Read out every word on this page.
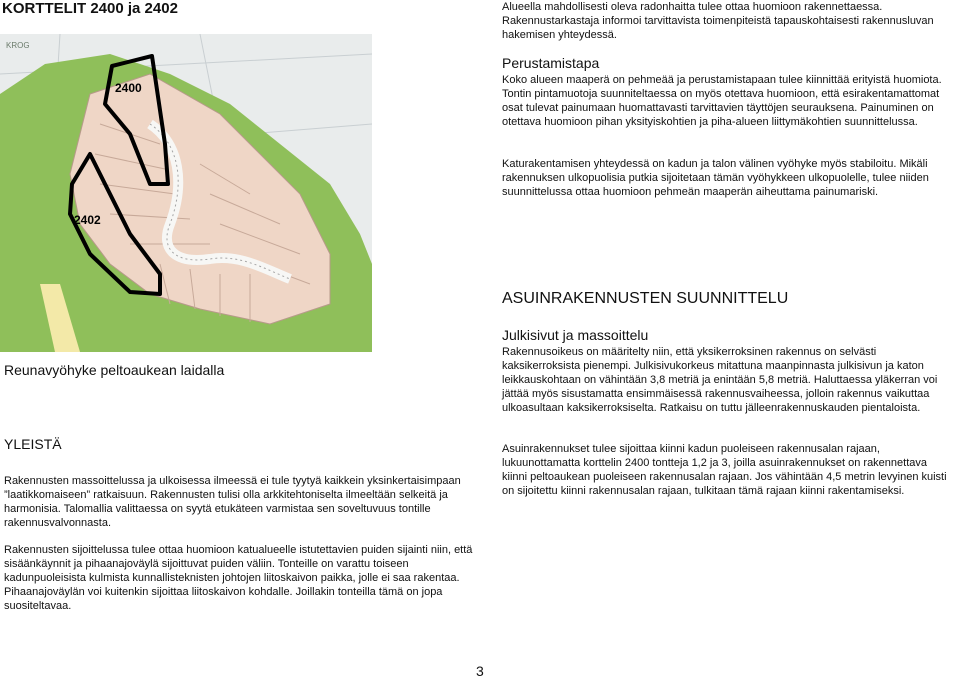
KORTTELIT 2400 ja 2402
2400
2402
KROG
Alueella mahdollisesti oleva radonhaitta tulee ottaa huomioon rakennettaessa. Rakennustarkastaja informoi tarvittavista toimenpiteistä tapauskohtaisesti rakennusluvan hakemisen yhteydessä.
Perustamistapa
Koko alueen maaperä on pehmeää ja perustamistapaan tulee kiinnittää erityistä huomiota. Tontin pintamuotoja suunniteltaessa on myös otettava huomioon, että esirakentamattomat osat tulevat painumaan huomattavasti tarvittavien täyttöjen seurauksena. Painuminen on otettava huomioon pihan yksityiskohtien ja piha-alueen liittymäkohtien suunnittelussa.
Katurakentamisen yhteydessä on kadun ja talon välinen vyöhyke myös stabiloitu. Mikäli rakennuksen ulkopuolisia putkia sijoitetaan tämän vyöhykkeen ulkopuolelle, tulee niiden suunnittelussa ottaa huomioon pehmeän maaperän aiheuttama painumariski.
ASUINRAKENNUSTEN SUUNNITTELU
Julkisivut ja massoittelu
Rakennusoikeus on määritelty niin, että yksikerroksinen rakennus on selvästi kaksikerroksista pienempi. Julkisivukorkeus mitattuna maanpinnasta julkisivun ja katon leikkauskohtaan on vähintään 3,8 metriä ja enintään 5,8 metriä. Haluttaessa yläkerran voi jättää myös sisustamatta ensimmäisessä rakennusvaiheessa, jolloin rakennus vaikuttaa ulkoasultaan kaksikerroksiselta. Ratkaisu on tuttu jälleenrakennuskauden pientaloista.
Asuinrakennukset tulee sijoittaa kiinni kadun puoleiseen rakennusalan rajaan, lukuunottamatta korttelin 2400 tontteja 1,2 ja 3, joilla asuinrakennukset on rakennettava kiinni peltoaukean puoleiseen rakennusalan rajaan. Jos vähintään 4,5 metrin levyinen kuisti on sijoitettu kiinni rakennusalan rajaan, tulkitaan tämä rajaan kiinni rakentamiseksi.
Reunavyöhyke peltoaukean laidalla
YLEISTÄ
Rakennusten massoittelussa ja ulkoisessa ilmeessä ei tule tyytyä kaikkein yksinkertaisimpaan ”laatikkomaiseen” ratkaisuun. Rakennusten tulisi olla arkkitehtoniselta ilmeeltään selkeitä ja harmonisia. Talomallia valittaessa on syytä etukäteen varmistaa sen soveltuvuus tontille rakennusvalvonnasta.
Rakennusten sijoittelussa tulee ottaa huomioon katualueelle istutettavien puiden sijainti niin, että sisäänkäynnit ja pihaanajoväylä sijoittuvat puiden väliin. Tonteille on varattu toiseen kadunpuoleisista kulmista kunnallisteknisten johtojen liitoskaivon paikka, jolle ei saa rakentaa. Pihaanajoväylän voi kuitenkin sijoittaa liitoskaivon kohdalle. Joillakin tonteilla tämä on jopa suositeltavaa.
3
